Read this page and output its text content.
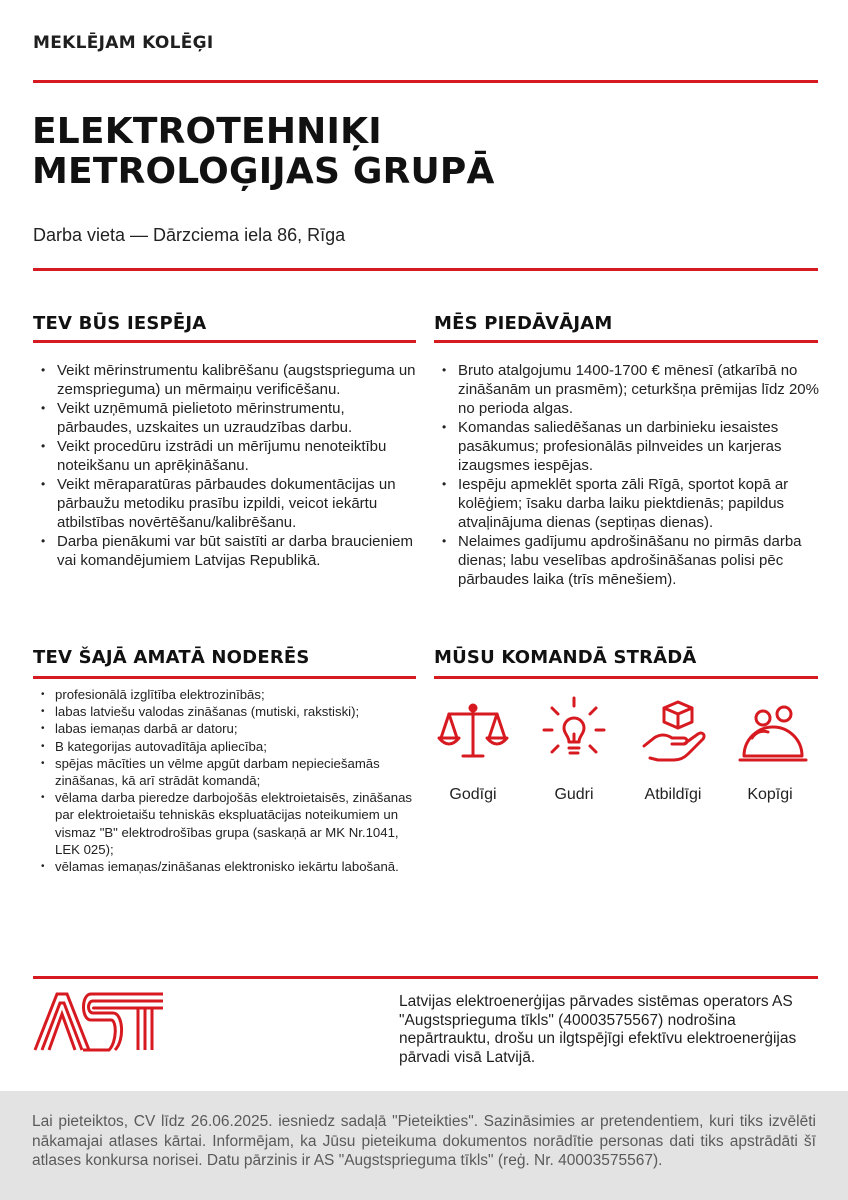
MEKLĒJAM KOLĒĢI
ELEKTROTEHNIĶI
METROLOĢIJAS GRUPĀ
Darba vieta — Dārzciema iela 86, Rīga
TEV BŪS IESPĒJA
• Veikt mērinstrumentu kalibrēšanu (augstsprieguma un zemsprieguma) un mērmaiņu verificēšanu.
• Veikt uzņēmumā pielietoto mērinstrumentu, pārbaudes, uzskaites un uzraudzības darbu.
• Veikt procedūru izstrādi un mērījumu nenoteiktību noteikšanu un aprēķināšanu.
• Veikt mēraparatūras pārbaudes dokumentācijas un pārbaužu metodiku prasību izpildi, veicot iekārtu atbilstības novērtēšanu/kalibrēšanu.
• Darba pienākumi var būt saistīti ar darba braucieniem vai komandējumiem Latvijas Republikā.
MĒS PIEDĀVĀJAM
• Bruto atalgojumu 1400-1700 € mēnesī (atkarībā no zināšanām un prasmēm); ceturkšņa prēmijas līdz 20% no perioda algas.
• Komandas saliedēšanas un darbinieku iesaistes pasākumus; profesionālās pilnveides un karjeras izaugsmes iespējas.
• Iespēju apmeklēt sporta zāli Rīgā, sportot kopā ar kolēģiem; īsaku darba laiku piektdienās; papildus atvaļinājuma dienas (septiņas dienas).
• Nelaimes gadījumu apdrošināšanu no pirmās darba dienas; labu veselības apdrošināšanas polisi pēc pārbaudes laika (trīs mēnešiem).
TEV ŠAJĀ AMATĀ NODERĒS
• profesionālā izglītība elektrozinībās;
• labas latviešu valodas zināšanas (mutiski, rakstiski);
• labas iemaņas darbā ar datoru;
• B kategorijas autovadītāja apliecība;
• spējas mācīties un vēlme apgūt darbam nepieciešamās zināšanas, kā arī strādāt komandā;
• vēlama darba pieredze darbojošās elektroietaisēs, zināšanas par elektroietaišu tehniskās ekspluatācijas noteikumiem un vismaz "B" elektrodrošības grupa (saskaņā ar MK Nr.1041, LEK 025);
• vēlamas iemaņas/zināšanas elektronisko iekārtu labošanā.
MŪSU KOMANDĀ STRĀDĀ
Godīgi	Gudri	Atbildīgi	Kopīgi
Latvijas elektroenerģijas pārvades sistēmas operators AS "Augstsprieguma tīkls" (40003575567) nodrošina nepārtrauktu, drošu un ilgtspējīgi efektīvu elektroenerģijas pārvadi visā Latvijā.

Lai pieteiktos, CV līdz 26.06.2025. iesniedz sadaļā "Pieteikties". Sazināsimies ar pretendentiem, kuri tiks izvēlēti nākamajai atlases kārtai. Informējam, ka Jūsu pieteikuma dokumentos norādītie personas dati tiks apstrādāti šī atlases konkursa norisei. Datu pārzinis ir AS "Augstsprieguma tīkls" (reģ. Nr. 40003575567).
